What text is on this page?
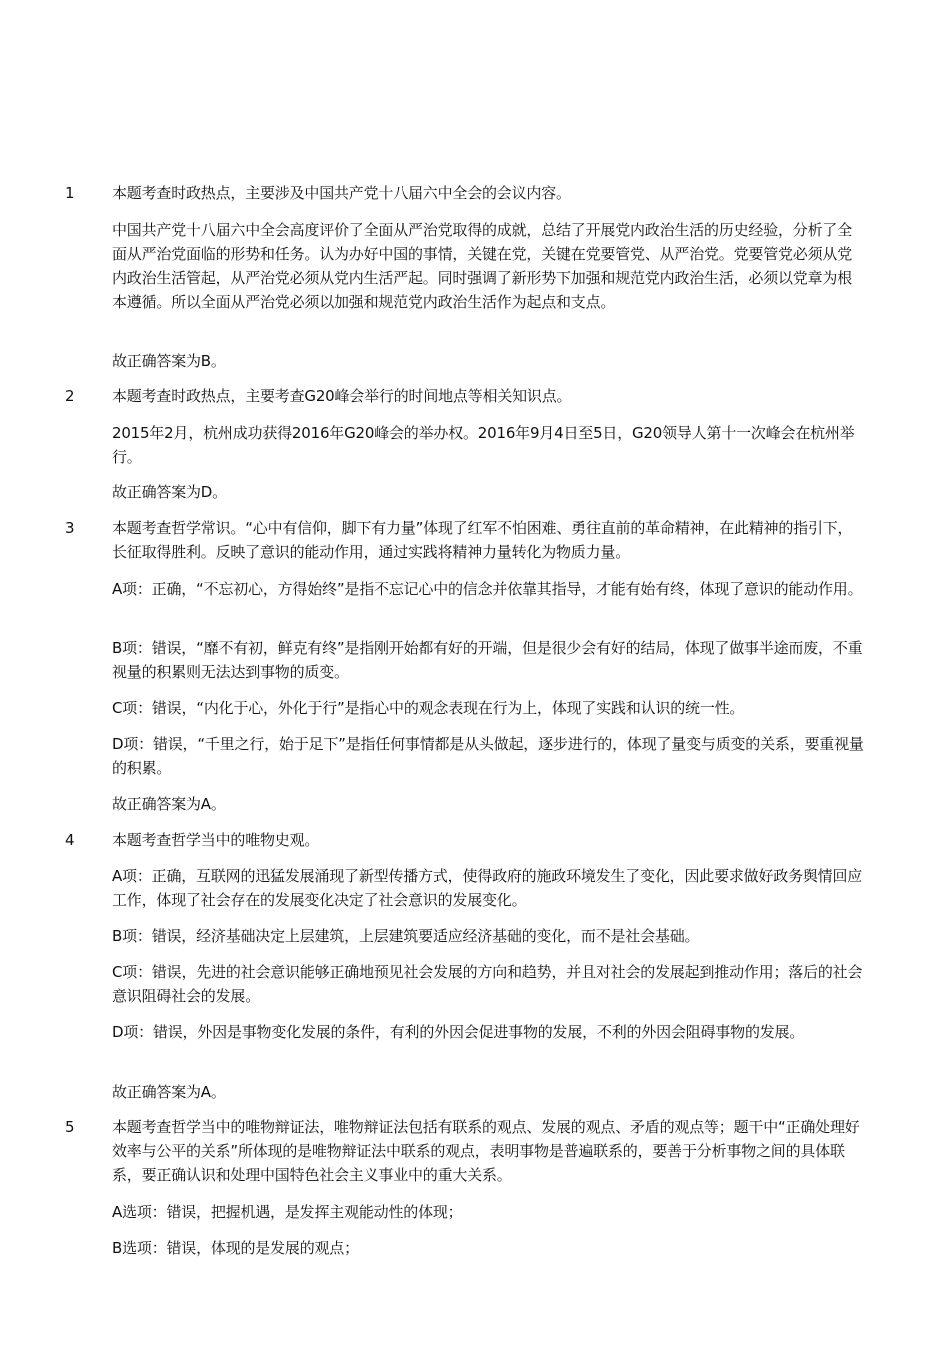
1 本题考查时政热点，主要涉及中国共产党十八届六中全会的会议内容。
中国共产党十八届六中全会高度评价了全面从严治党取得的成就，总结了开展党内政治生活的历史经验，分析了全面从严治党面临的形势和任务。认为办好中国的事情，关键在党，关键在党要管党、从严治党。党要管党必须从党内政治生活管起，从严治党必须从党内生活严起。同时强调了新形势下加强和规范党内政治生活，必须以党章为根本遵循。所以全面从严治党必须以加强和规范党内政治生活作为起点和支点。
故正确答案为B。
2 本题考查时政热点，主要考查G20峰会举行的时间地点等相关知识点。
2015年2月，杭州成功获得2016年G20峰会的举办权。2016年9月4日至5日，G20领导人第十一次峰会在杭州举行。
故正确答案为D。
3 本题考查哲学常识。“心中有信仰，脚下有力量”体现了红军不怕困难、勇往直前的革命精神，在此精神的指引下，长征取得胜利。反映了意识的能动作用，通过实践将精神力量转化为物质力量。
A项：正确，“不忘初心，方得始终”是指不忘记心中的信念并依靠其指导，才能有始有终，体现了意识的能动作用。
B项：错误，“靡不有初，鲜克有终”是指刚开始都有好的开端，但是很少会有好的结局，体现了做事半途而废，不重视量的积累则无法达到事物的质变。
C项：错误，“内化于心，外化于行”是指心中的观念表现在行为上，体现了实践和认识的统一性。
D项：错误，“千里之行，始于足下”是指任何事情都是从头做起，逐步进行的，体现了量变与质变的关系，要重视量的积累。
故正确答案为A。
4 本题考查哲学当中的唯物史观。
A项：正确，互联网的迅猛发展涌现了新型传播方式，使得政府的施政环境发生了变化，因此要求做好政务舆情回应工作，体现了社会存在的发展变化决定了社会意识的发展变化。
B项：错误，经济基础决定上层建筑，上层建筑要适应经济基础的变化，而不是社会基础。
C项：错误，先进的社会意识能够正确地预见社会发展的方向和趋势，并且对社会的发展起到推动作用；落后的社会意识阻碍社会的发展。
D项：错误，外因是事物变化发展的条件，有利的外因会促进事物的发展，不利的外因会阻碍事物的发展。
故正确答案为A。
5 本题考查哲学当中的唯物辩证法，唯物辩证法包括有联系的观点、发展的观点、矛盾的观点等；题干中“正确处理好效率与公平的关系”所体现的是唯物辩证法中联系的观点，表明事物是普遍联系的，要善于分析事物之间的具体联系，要正确认识和处理中国特色社会主义事业中的重大关系。
A选项：错误，把握机遇，是发挥主观能动性的体现；
B选项：错误，体现的是发展的观点；
